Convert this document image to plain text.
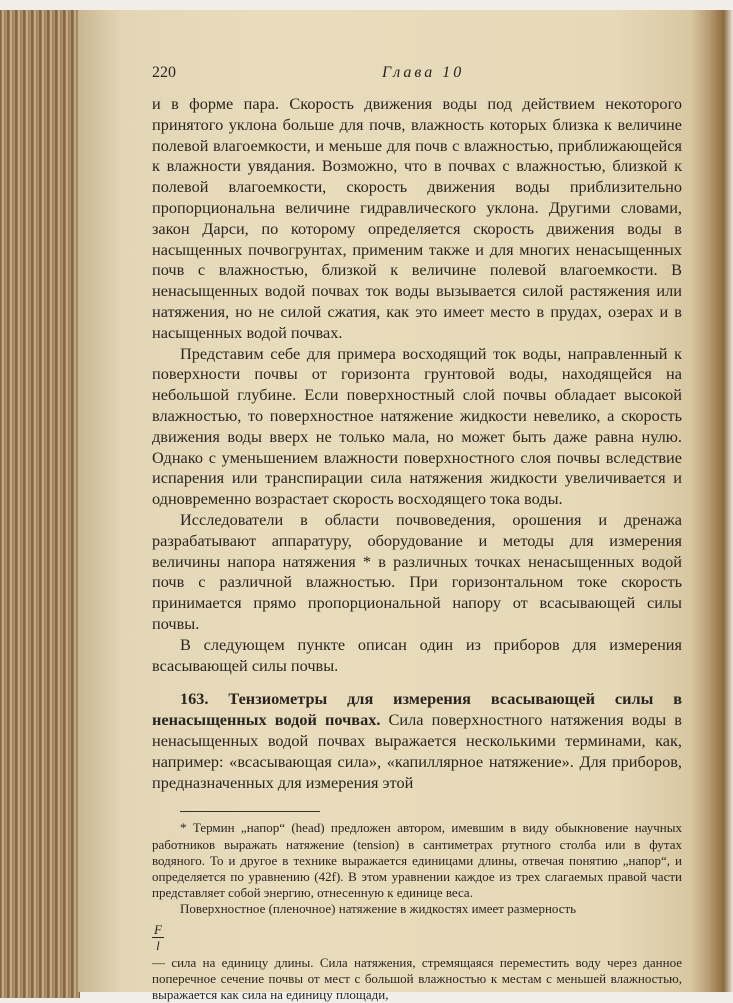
220	Глава 10

и в форме пара. Скорость движения воды под действием некоторого принятого уклона больше для почв, влажность которых близка к величине полевой влагоемкости, и меньше для почв с влажностью, приближающейся к влажности увядания. Возможно, что в почвах с влажностью, близкой к полевой влагоемкости, скорость движения воды приблизительно пропорциональна величине гидравлического уклона. Другими словами, закон Дарси, по которому определяется скорость движения воды в насыщенных почвогрунтах, применим также и для многих ненасыщенных почв с влажностью, близкой к величине полевой влагоемкости. В ненасыщенных водой почвах ток воды вызывается силой растяжения или натяжения, но не силой сжатия, как это имеет место в прудах, озерах и в насыщенных водой почвах.

Представим себе для примера восходящий ток воды, направленный к поверхности почвы от горизонта грунтовой воды, находящейся на небольшой глубине. Если поверхностный слой почвы обладает высокой влажностью, то поверхностное натяжение жидкости невелико, а скорость движения воды вверх не только мала, но может быть даже равна нулю. Однако с уменьшением влажности поверхностного слоя почвы вследствие испарения или транспирации сила натяжения жидкости увеличивается и одновременно возрастает скорость восходящего тока воды.

Исследователи в области почвоведения, орошения и дренажа разрабатывают аппаратуру, оборудование и методы для измерения величины напора натяжения * в различных точках ненасыщенных водой почв с различной влажностью. При горизонтальном токе скорость принимается прямо пропорциональной напору от всасывающей силы почвы.

В следующем пункте описан один из приборов для измерения всасывающей силы почвы.

163. Тензиометры для измерения всасывающей силы в ненасыщенных водой почвах. Сила поверхностного натяжения воды в ненасыщенных водой почвах выражается несколькими терминами, как, например: «всасывающая сила», «капиллярное натяжение». Для приборов, предназначенных для измерения этой

* Термин „напор“ (head) предложен автором, имевшим в виду обыкновение научных работников выражать натяжение (tension) в сантиметрах ртутного столба или в футах водяного. То и другое в технике выражается единицами длины, отвечая понятию „напор“, и определяется по уравнению (42f). В этом уравнении каждое из трех слагаемых правой части представляет собой энергию, отнесенную к единице веса.

Поверхностное (пленочное) натяжение в жидкостях имеет размерность

$\frac{F}{l}$

— сила на единицу длины. Сила натяжения, стремящаяся переместить воду через данное поперечное сечение почвы от мест с большой влажностью к местам с меньшей влажностью, выражается как сила на единицу площади,
